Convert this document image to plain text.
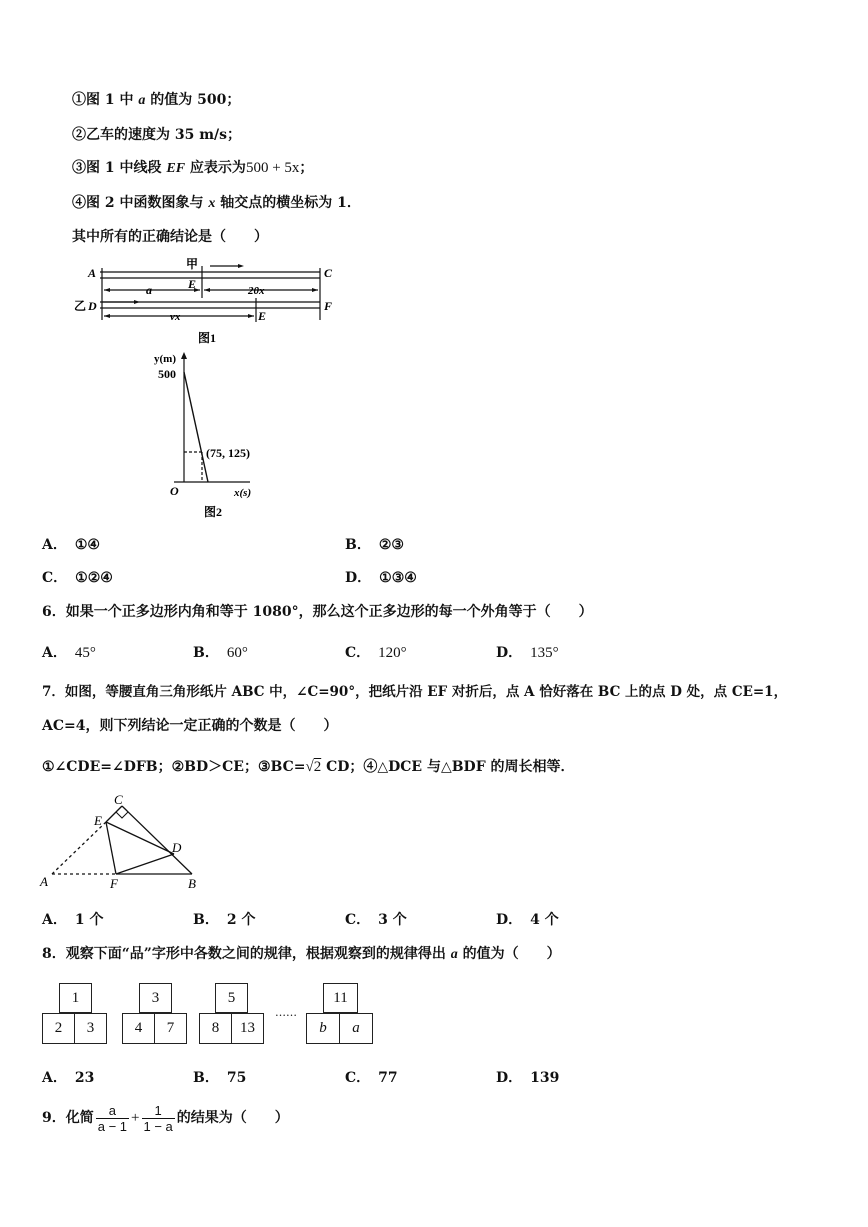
①图 1 中 a 的值为 500；
②乙车的速度为 35 m/s；
③图 1 中线段 EF 应表示为500 + 5x；
④图 2 中函数图象与 x 轴交点的横坐标为 1．
其中所有的正确结论是（　　）
A	C
甲
E
a	20x
乙 D	F
vx	E
图1
y(m)
500
(75, 125)
O	x(s)
图2
A． ①④	B． ②③
C． ①②④	D． ①③④
6．如果一个正多边形内角和等于 1080°，那么这个正多边形的每一个外角等于（　　）
A． 45°	B． 60°	C． 120°	D． 135°
7．如图，等腰直角三角形纸片 ABC 中，∠C=90°，把纸片沿 EF 对折后，点 A 恰好落在 BC 上的点 D 处，点 CE=1，
AC=4，则下列结论一定正确的个数是（　　）
①∠CDE=∠DFB；②BD＞CE；③BC=√2 CD；④△DCE 与△BDF 的周长相等．
C
E
D
A	F	B
A． 1 个	B． 2 个	C． 3 个	D． 4 个
8．观察下面“品”字形中各数之间的规律，根据观察到的规律得出 a 的值为（　　）
1
2	3
3
4	7
5
8	13
……
11
b	a
A． 23	B． 75	C． 77	D． 139
9．化简 $\frac{a}{a - 1} + \frac{1}{1 - a}$ 的结果为（　　）
